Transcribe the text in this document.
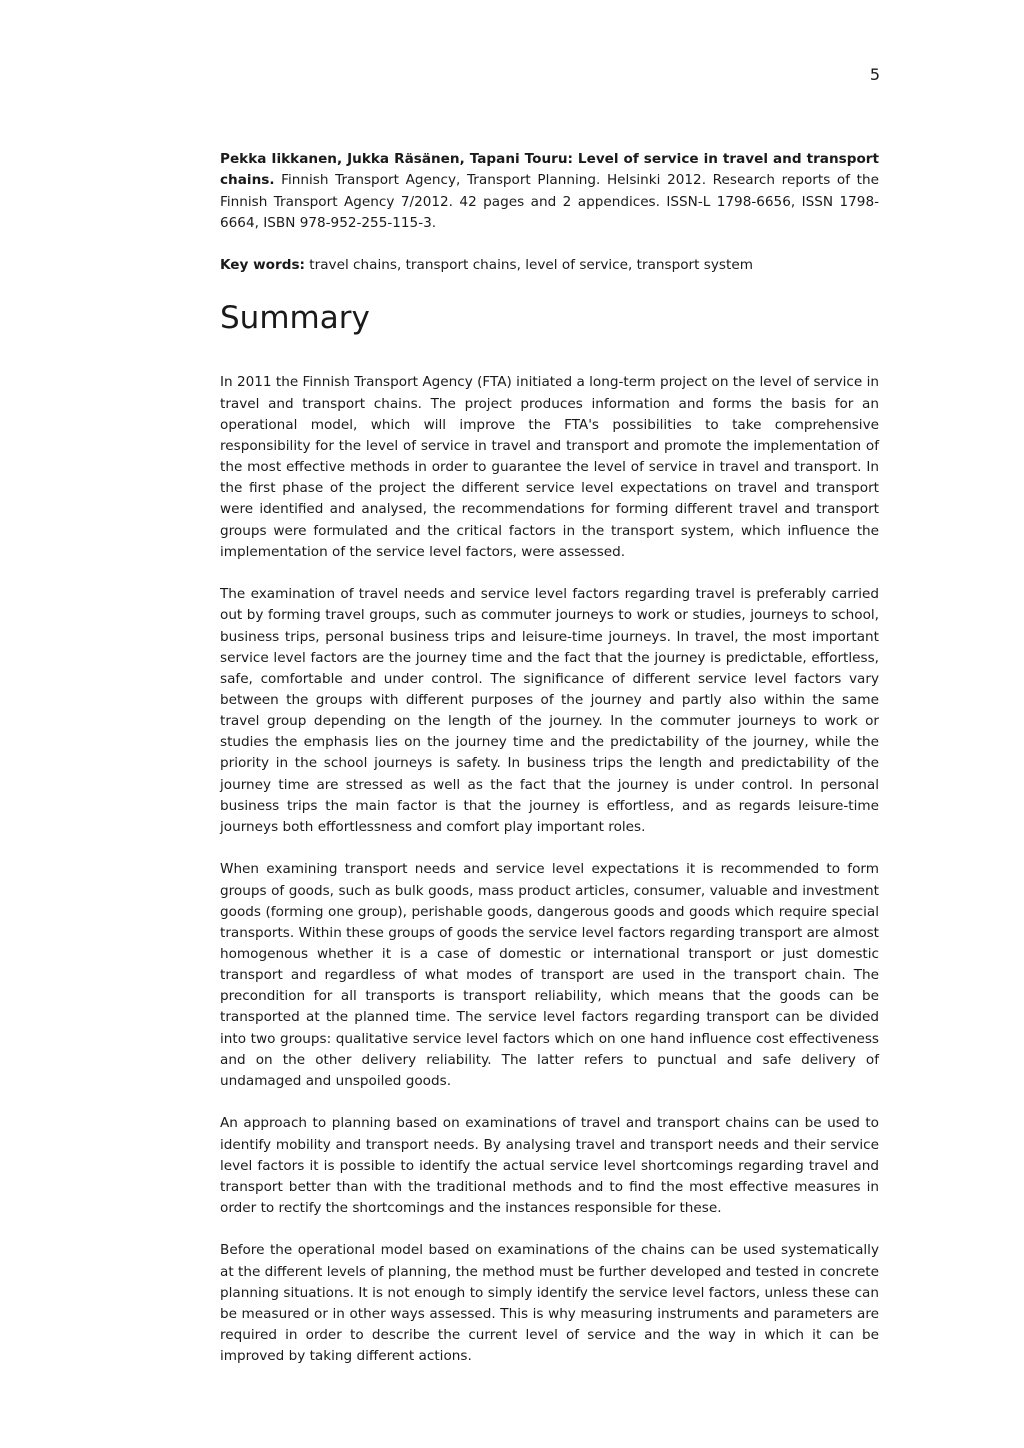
5

Pekka Iikkanen, Jukka Räsänen, Tapani Touru: Level of service in travel and transport chains. Finnish Transport Agency, Transport Planning. Helsinki 2012. Research reports of the Finnish Transport Agency 7/2012. 42 pages and 2 appendices. ISSN-L 1798-6656, ISSN 1798-6664, ISBN 978-952-255-115-3.

Key words: travel chains, transport chains, level of service, transport system

Summary

In 2011 the Finnish Transport Agency (FTA) initiated a long-term project on the level of service in travel and transport chains. The project produces information and forms the basis for an operational model, which will improve the FTA's possibilities to take comprehensive responsibility for the level of service in travel and transport and promote the implementation of the most effective methods in order to guarantee the level of service in travel and transport. In the first phase of the project the different service level expectations on travel and transport were identified and analysed, the recommendations for forming different travel and transport groups were formulated and the critical factors in the transport system, which influence the implementation of the service level factors, were assessed.

The examination of travel needs and service level factors regarding travel is preferably carried out by forming travel groups, such as commuter journeys to work or studies, journeys to school, business trips, personal business trips and leisure-time journeys. In travel, the most important service level factors are the journey time and the fact that the journey is predictable, effortless, safe, comfortable and under control. The significance of different service level factors vary between the groups with different purposes of the journey and partly also within the same travel group depending on the length of the journey. In the commuter journeys to work or studies the emphasis lies on the journey time and the predictability of the journey, while the priority in the school journeys is safety. In business trips the length and predictability of the journey time are stressed as well as the fact that the journey is under control. In personal business trips the main factor is that the journey is effortless, and as regards leisure-time journeys both effortlessness and comfort play important roles.

When examining transport needs and service level expectations it is recommended to form groups of goods, such as bulk goods, mass product articles, consumer, valuable and investment goods (forming one group), perishable goods, dangerous goods and goods which require special transports. Within these groups of goods the service level factors regarding transport are almost homogenous whether it is a case of domestic or international transport or just domestic transport and regardless of what modes of transport are used in the transport chain. The precondition for all transports is transport reliability, which means that the goods can be transported at the planned time. The service level factors regarding transport can be divided into two groups: qualitative service level factors which on one hand influence cost effectiveness and on the other delivery reliability. The latter refers to punctual and safe delivery of undamaged and unspoiled goods.

An approach to planning based on examinations of travel and transport chains can be used to identify mobility and transport needs. By analysing travel and transport needs and their service level factors it is possible to identify the actual service level shortcomings regarding travel and transport better than with the traditional methods and to find the most effective measures in order to rectify the shortcomings and the instances responsible for these.

Before the operational model based on examinations of the chains can be used systematically at the different levels of planning, the method must be further developed and tested in concrete planning situations. It is not enough to simply identify the service level factors, unless these can be measured or in other ways assessed. This is why measuring instruments and parameters are required in order to describe the current level of service and the way in which it can be improved by taking different actions.
